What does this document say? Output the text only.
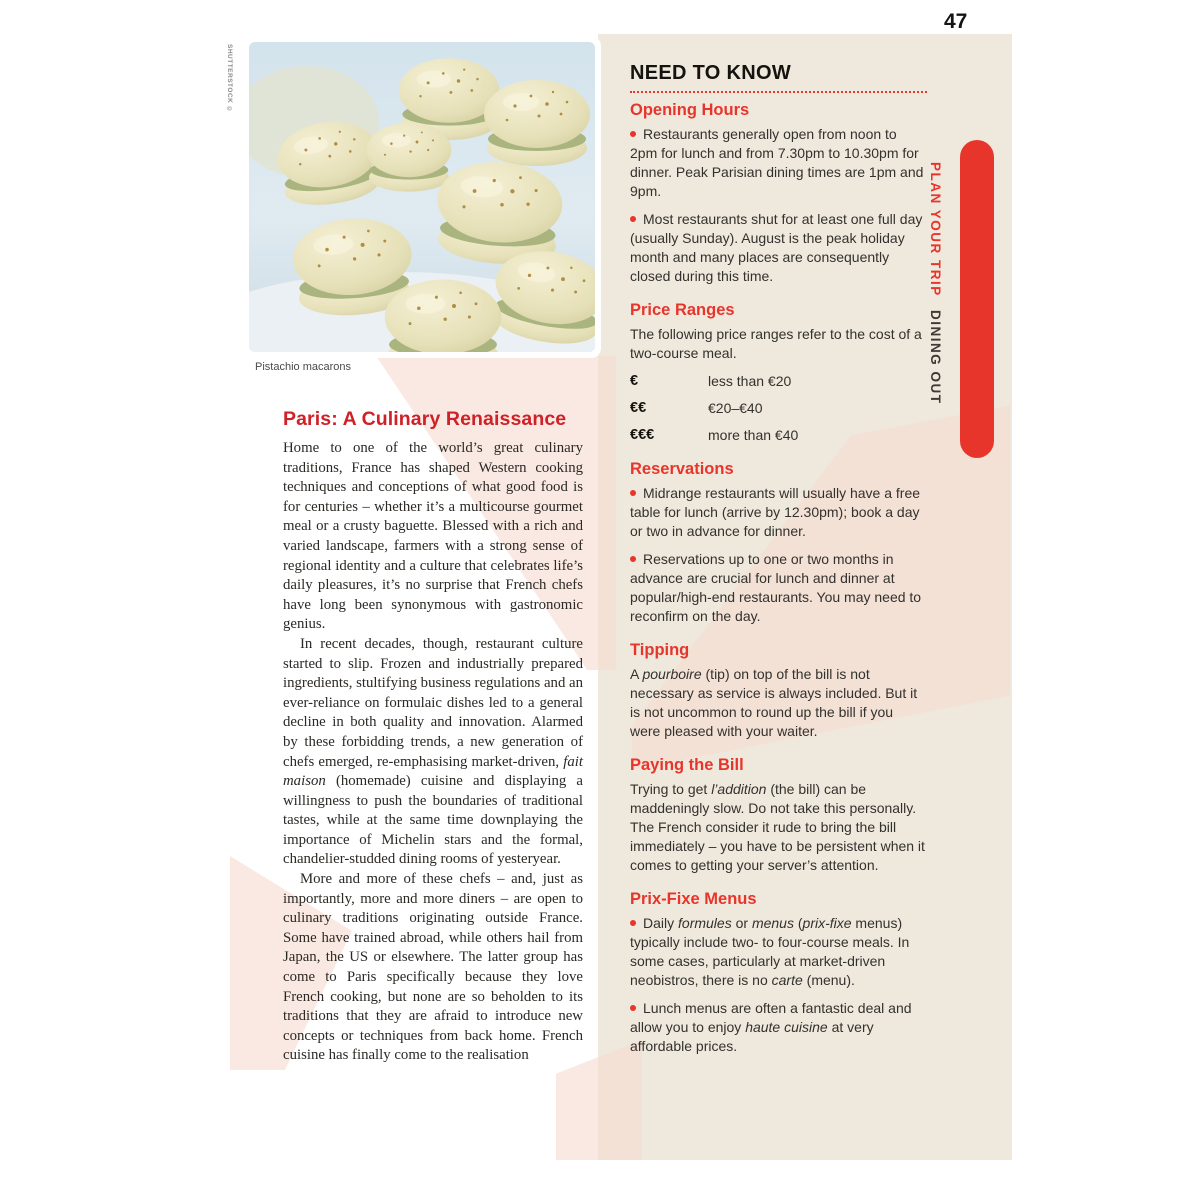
47
SHUTTERSTOCK ©
Pistachio macarons
Paris: A Culinary Renaissance

Home to one of the world’s great culinary traditions, France has shaped Western cooking techniques and conceptions of what good food is for centuries – whether it’s a multicourse gourmet meal or a crusty baguette. Blessed with a rich and varied landscape, farmers with a strong sense of regional identity and a culture that celebrates life’s daily pleasures, it’s no surprise that French chefs have long been synonymous with gastronomic genius.

In recent decades, though, restaurant culture started to slip. Frozen and industrially prepared ingredients, stultifying business regulations and an ever-reliance on formulaic dishes led to a general decline in both quality and innovation. Alarmed by these forbidding trends, a new generation of chefs emerged, re-emphasising market-driven, fait maison (homemade) cuisine and displaying a willingness to push the boundaries of traditional tastes, while at the same time downplaying the importance of Michelin stars and the formal, chandelier-studded dining rooms of yesteryear.

More and more of these chefs – and, just as importantly, more and more diners – are open to culinary traditions originating outside France. Some have trained abroad, while others hail from Japan, the US or elsewhere. The latter group has come to Paris specifically because they love French cooking, but none are so beholden to its traditions that they are afraid to introduce new concepts or techniques from back home. French cuisine has finally come to the realisation

NEED TO KNOW
Opening Hours

Restaurants generally open from noon to 2pm for lunch and from 7.30pm to 10.30pm for dinner. Peak Parisian dining times are 1pm and 9pm.

Most restaurants shut for at least one full day (usually Sunday). August is the peak holiday month and many places are consequently closed during this time.

Price Ranges

The following price ranges refer to the cost of a two-course meal.

€	less than €20
€€	€20–€40
€€€	more than €40
Reservations

Midrange restaurants will usually have a free table for lunch (arrive by 12.30pm); book a day or two in advance for dinner.

Reservations up to one or two months in advance are crucial for lunch and dinner at popular/high-end restaurants. You may need to reconfirm on the day.

Tipping

A pourboire (tip) on top of the bill is not necessary as service is always included. But it is not uncommon to round up the bill if you were pleased with your waiter.

Paying the Bill

Trying to get l’addition (the bill) can be maddeningly slow. Do not take this personally. The French consider it rude to bring the bill immediately – you have to be persistent when it comes to getting your server’s attention.

Prix-Fixe Menus

Daily formules or menus (prix-fixe menus) typically include two- to four-course meals. In some cases, particularly at market-driven neobistros, there is no carte (menu).

Lunch menus are often a fantastic deal and allow you to enjoy haute cuisine at very affordable prices.

PLAN YOUR TRIP DINING OUT
